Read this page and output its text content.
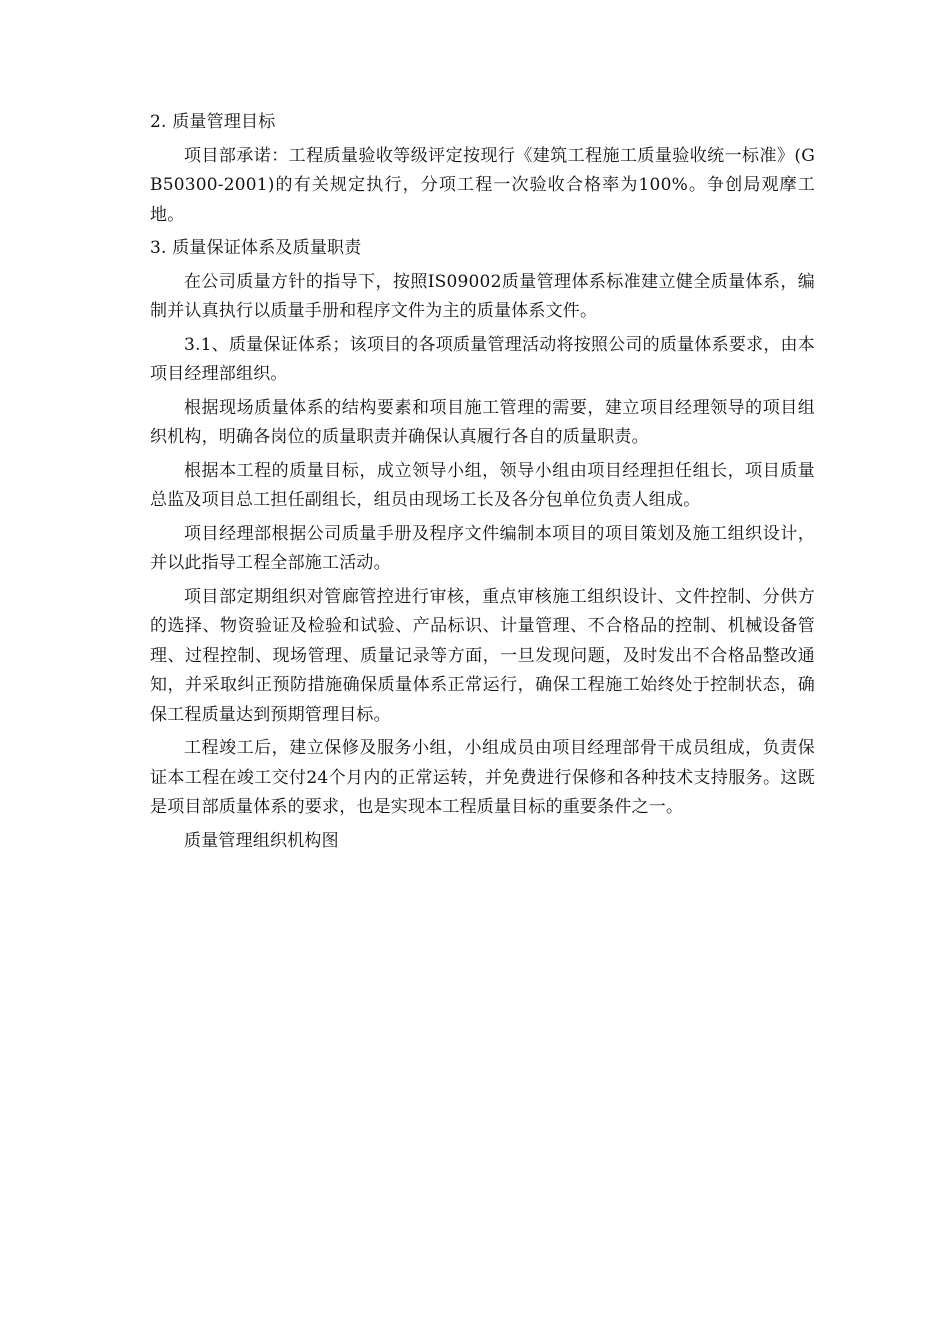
2. 质量管理目标

项目部承诺：工程质量验收等级评定按现行《建筑工程施工质量验收统一标准》(GB50300-2001)的有关规定执行，分项工程一次验收合格率为100%。争创局观摩工地。

3. 质量保证体系及质量职责

在公司质量方针的指导下，按照IS09002质量管理体系标准建立健全质量体系，编制并认真执行以质量手册和程序文件为主的质量体系文件。

3.1、质量保证体系；该项目的各项质量管理活动将按照公司的质量体系要求，由本项目经理部组织。

根据现场质量体系的结构要素和项目施工管理的需要，建立项目经理领导的项目组织机构，明确各岗位的质量职责并确保认真履行各自的质量职责。

根据本工程的质量目标，成立领导小组，领导小组由项目经理担任组长，项目质量总监及项目总工担任副组长，组员由现场工长及各分包单位负责人组成。

项目经理部根据公司质量手册及程序文件编制本项目的项目策划及施工组织设计，并以此指导工程全部施工活动。

项目部定期组织对管廊管控进行审核，重点审核施工组织设计、文件控制、分供方的选择、物资验证及检验和试验、产品标识、计量管理、不合格品的控制、机械设备管理、过程控制、现场管理、质量记录等方面，一旦发现问题，及时发出不合格品整改通知，并采取纠正预防措施确保质量体系正常运行，确保工程施工始终处于控制状态，确保工程质量达到预期管理目标。

工程竣工后，建立保修及服务小组，小组成员由项目经理部骨干成员组成，负责保证本工程在竣工交付24个月内的正常运转，并免费进行保修和各种技术支持服务。这既是项目部质量体系的要求，也是实现本工程质量目标的重要条件之一。

质量管理组织机构图
